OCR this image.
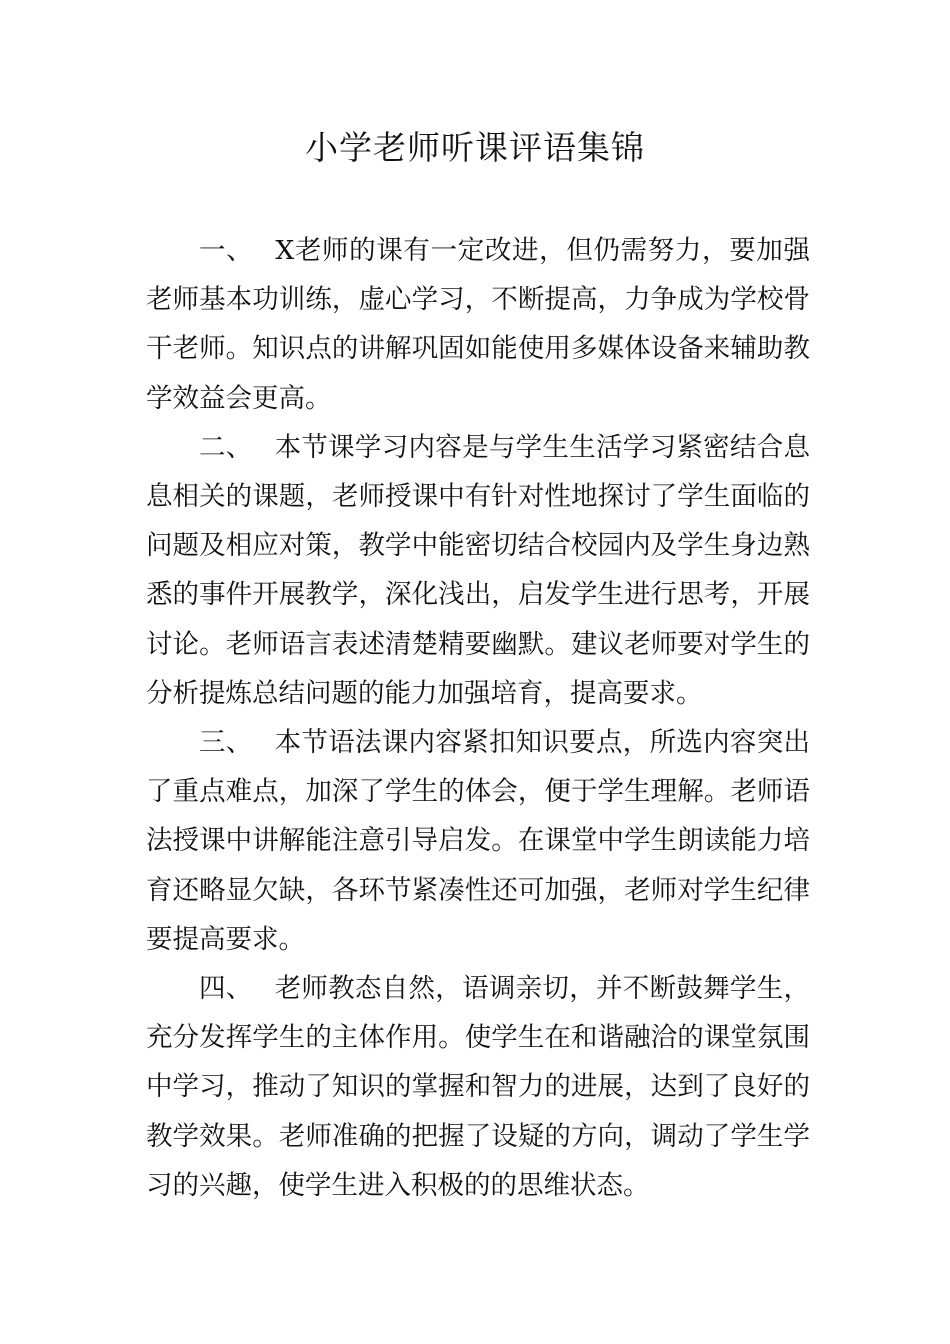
小学老师听课评语集锦

一、 X老师的课有一定改进，但仍需努力，要加强老师基本功训练，虚心学习，不断提高，力争成为学校骨干老师。知识点的讲解巩固如能使用多媒体设备来辅助教学效益会更高。

二、 本节课学习内容是与学生生活学习紧密结合息息相关的课题，老师授课中有针对性地探讨了学生面临的问题及相应对策，教学中能密切结合校园内及学生身边熟悉的事件开展教学，深化浅出，启发学生进行思考，开展讨论。老师语言表述清楚精要幽默。建议老师要对学生的分析提炼总结问题的能力加强培育，提高要求。

三、 本节语法课内容紧扣知识要点，所选内容突出了重点难点，加深了学生的体会，便于学生理解。老师语法授课中讲解能注意引导启发。在课堂中学生朗读能力培育还略显欠缺，各环节紧凑性还可加强，老师对学生纪律要提高要求。

四、 老师教态自然，语调亲切，并不断鼓舞学生，充分发挥学生的主体作用。使学生在和谐融洽的课堂氛围中学习，推动了知识的掌握和智力的进展，达到了良好的教学效果。老师准确的把握了设疑的方向，调动了学生学习的兴趣，使学生进入积极的的思维状态。
